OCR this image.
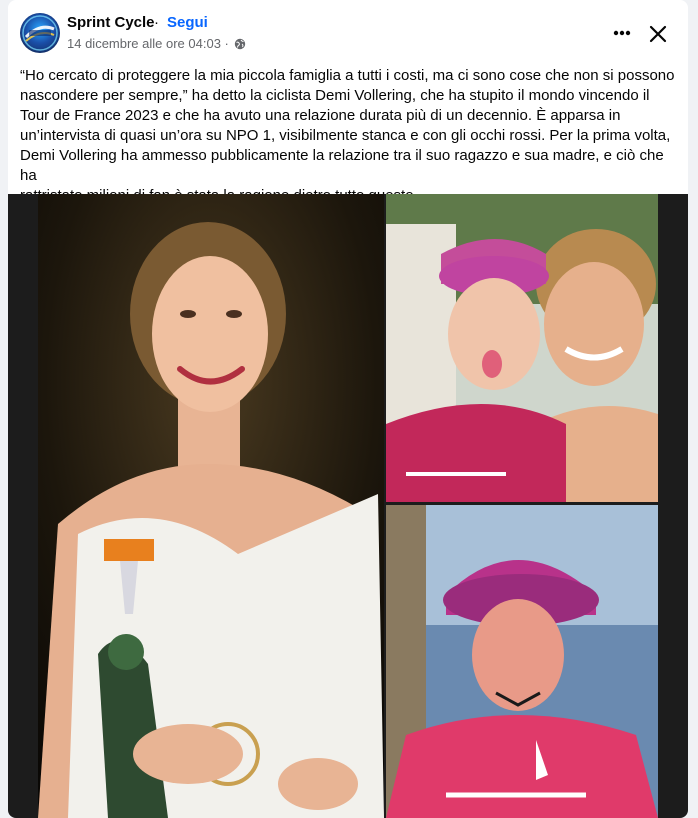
Sprint Cycle · Segui
14 dicembre alle ore 04:03 ·
“Ho cercato di proteggere la mia piccola famiglia a tutti i costi, ma ci sono cose che non si possono
nascondere per sempre,” ha detto la ciclista Demi Vollering, che ha stupito il mondo vincendo il
Tour de France 2023 e che ha avuto una relazione durata più di un decennio. È apparsa in
un’intervista di quasi un’ora su NPO 1, visibilmente stanca e con gli occhi rossi. Per la prima volta,
Demi Vollering ha ammesso pubblicamente la relazione tra il suo ragazzo e sua madre, e ciò che ha
